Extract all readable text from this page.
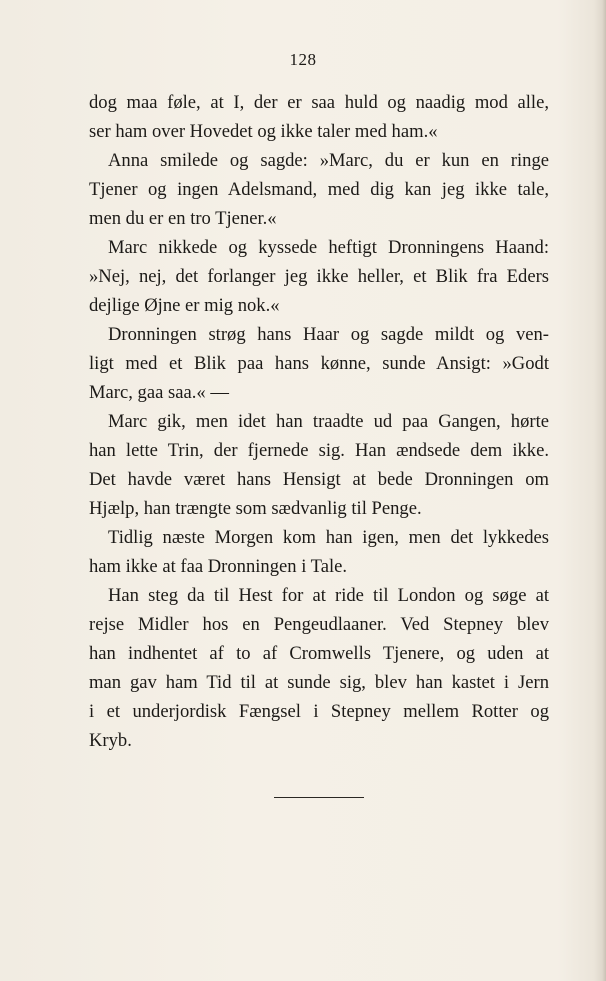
128
dog maa føle, at I, der er saa huld og naadig mod alle,
ser ham over Hovedet og ikke taler med ham.«
Anna smilede og sagde: »Marc, du er kun en ringe
Tjener og ingen Adelsmand, med dig kan jeg ikke tale,
men du er en tro Tjener.«
Marc nikkede og kyssede heftigt Dronningens Haand:
»Nej, nej, det forlanger jeg ikke heller, et Blik fra Eders
dejlige Øjne er mig nok.«
Dronningen strøg hans Haar og sagde mildt og ven-
ligt med et Blik paa hans kønne, sunde Ansigt: »Godt
Marc, gaa saa.« —
Marc gik, men idet han traadte ud paa Gangen, hørte
han lette Trin, der fjernede sig. Han ændsede dem ikke.
Det havde været hans Hensigt at bede Dronningen om
Hjælp, han trængte som sædvanlig til Penge.
Tidlig næste Morgen kom han igen, men det lykkedes
ham ikke at faa Dronningen i Tale.
Han steg da til Hest for at ride til London og søge at
rejse Midler hos en Pengeudlaaner. Ved Stepney blev
han indhentet af to af Cromwells Tjenere, og uden at
man gav ham Tid til at sunde sig, blev han kastet i Jern
i et underjordisk Fængsel i Stepney mellem Rotter og
Kryb.
